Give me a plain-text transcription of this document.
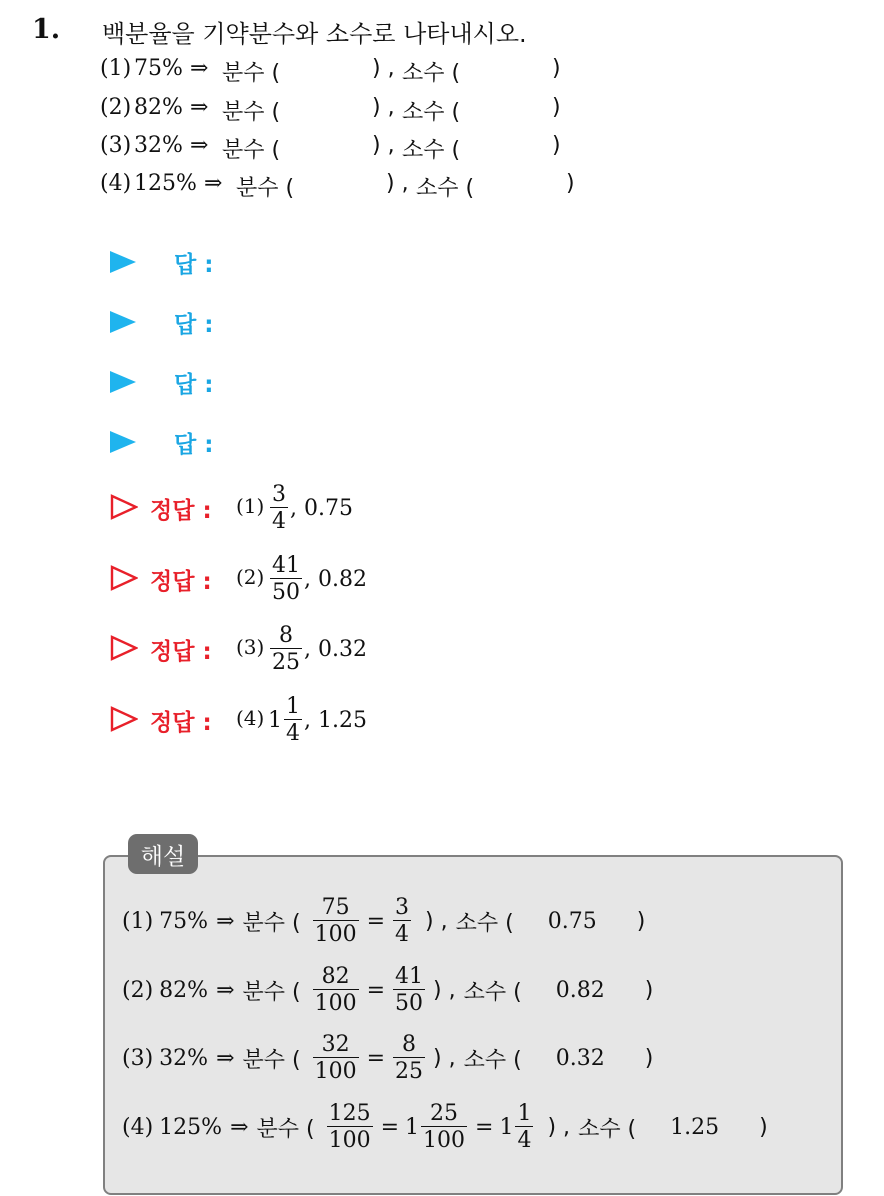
1. 백분율을 기약분수와 소수로 나타내시오.
(1) 75% ⇒ 분수 (	) , 소수 (	)
(2) 82% ⇒ 분수 (	) , 소수 (	)
(3) 32% ⇒ 분수 (	) , 소수 (	)
(4) 125% ⇒ 분수 (	) , 소수 (	)
답 :
답 :
답 :
답 :
정답 : $(1) \frac{3}{4}$ , 0.75
정답 : $(2) \frac{41}{50}$ , 0.82
정답 : $(3) \frac{8}{25}$ , 0.32
정답 : (4) $1 \frac{1}{4}$ , 1.25
해설
(1) 75% ⇒ 분수 ( $\frac{75}{100} = \frac{3}{4}$ ) , 소수 ( 0.75 )
(2) 82% ⇒ 분수 ( $\frac{82}{100} = \frac{41}{50}$ ) , 소수 ( 0.82 )
(3) 32% ⇒ 분수 ( $\frac{32}{100} = \frac{8}{25}$ ) , 소수 ( 0.32 )
(4) 125% ⇒ 분수 ( $\frac{125}{100} = 1 \frac{25}{100} = 1 \frac{1}{4}$ ) , 소수 ( 1.25 )
